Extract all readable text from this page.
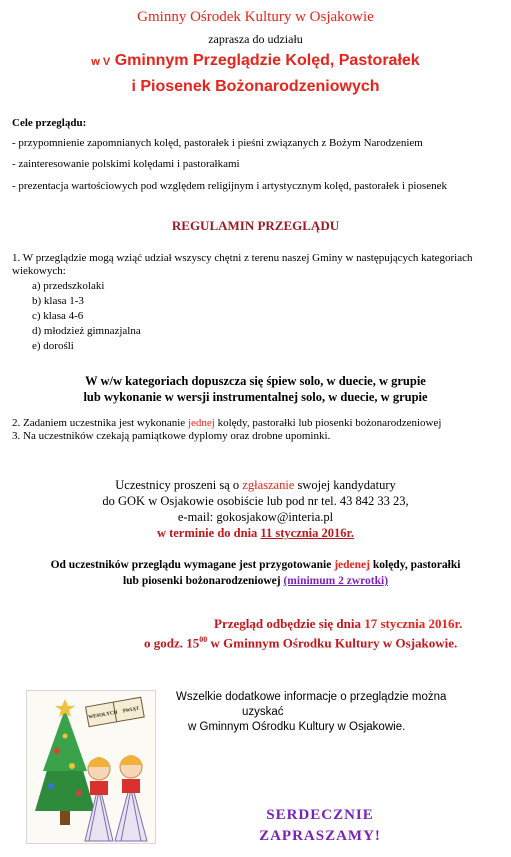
Gminny Ośrodek Kultury w Osjakowie

zaprasza do udziału

w V Gminnym Przeglądzie Kolęd, Pastorałek

i Piosenek Bożonarodzeniowych

Cele przeglądu:

- przypomnienie zapomnianych kolęd, pastorałek i pieśni związanych z Bożym Narodzeniem

- zainteresowanie polskimi kolędami i pastorałkami

- prezentacja wartościowych pod względem religijnym i artystycznym kolęd, pastorałek i piosenek

REGULAMIN PRZEGLĄDU

1. W przeglądzie mogą wziąć udział wszyscy chętni z terenu naszej Gminy w następujących kategoriach wiekowych:

a) przedszkolaki

b) klasa 1-3

c) klasa 4-6

d) młodzież gimnazjalna

e) dorośli

W w/w kategoriach dopuszcza się śpiew solo, w duecie, w grupie

lub wykonanie w wersji instrumentalnej solo, w duecie, w grupie

2. Zadaniem uczestnika jest wykonanie jednej kolędy, pastorałki lub piosenki bożonarodzeniowej

3. Na uczestników czekają pamiątkowe dyplomy oraz drobne upominki.

Uczestnicy proszeni są o zgłaszanie swojej kandydatury

do GOK w Osjakowie osobiście lub pod nr tel. 43 842 33 23,

e-mail: gokosjakow@interia.pl

w terminie do dnia 11 stycznia 2016r.

Od uczestników przeglądu wymagane jest przygotowanie jedenej kolędy, pastorałki

lub piosenki bożonarodzeniowej (minimum 2 zwrotki)

Przegląd odbędzie się dnia 17 stycznia 2016r.
o godz. $15^{00}$ w Gminnym Ośrodku Kultury w Osjakowie.
WESOŁYCH ŚWIĄT

Wszelkie dodatkowe informacje o przeglądzie można

uzyskać

w Gminnym Ośrodku Kultury w Osjakowie.

SERDECZNIE

ZAPRASZAMY!
